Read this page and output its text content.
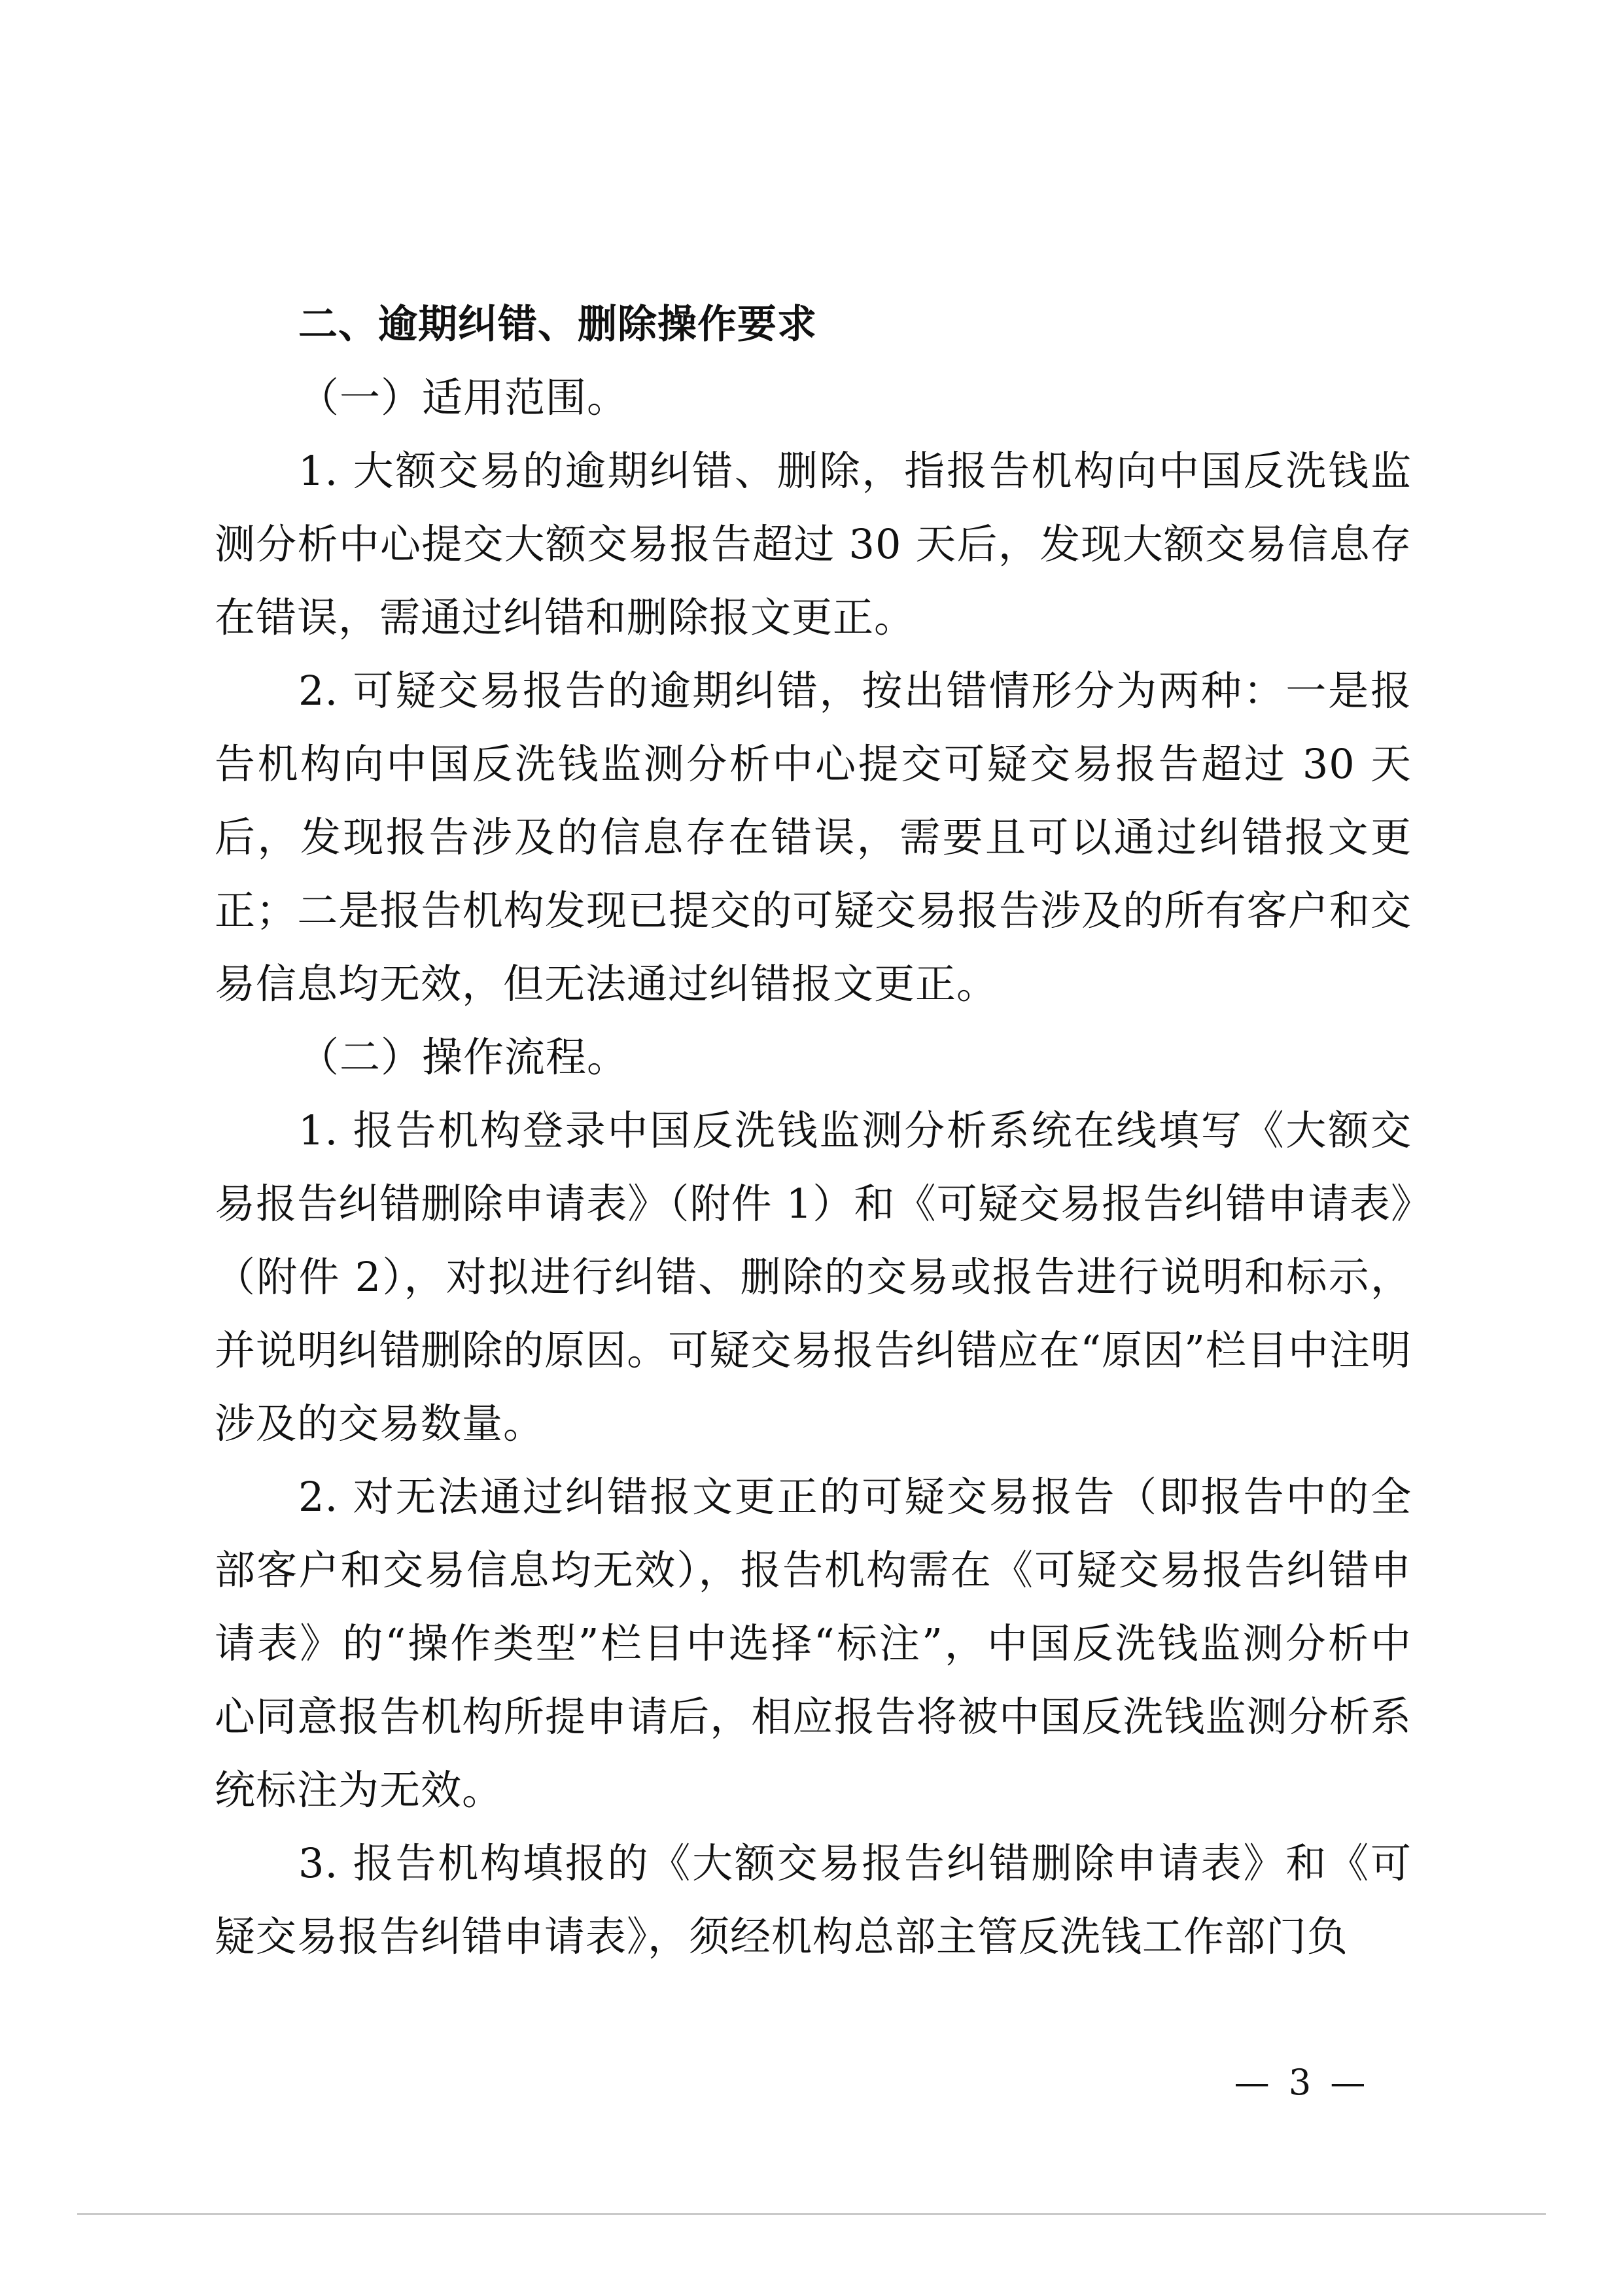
二、逾期纠错、删除操作要求

（一）适用范围。

1. 大额交易的逾期纠错、删除，指报告机构向中国反洗钱监测分析中心提交大额交易报告超过 30 天后，发现大额交易信息存在错误，需通过纠错和删除报文更正。

2. 可疑交易报告的逾期纠错，按出错情形分为两种：一是报告机构向中国反洗钱监测分析中心提交可疑交易报告超过 30 天后，发现报告涉及的信息存在错误，需要且可以通过纠错报文更正；二是报告机构发现已提交的可疑交易报告涉及的所有客户和交易信息均无效，但无法通过纠错报文更正。

（二）操作流程。

1. 报告机构登录中国反洗钱监测分析系统在线填写《大额交易报告纠错删除申请表》（附件 1）和《可疑交易报告纠错申请表》（附件 2），对拟进行纠错、删除的交易或报告进行说明和标示，并说明纠错删除的原因。可疑交易报告纠错应在“原因”栏目中注明涉及的交易数量。

2. 对无法通过纠错报文更正的可疑交易报告（即报告中的全部客户和交易信息均无效），报告机构需在《可疑交易报告纠错申请表》的“操作类型”栏目中选择“标注”，中国反洗钱监测分析中心同意报告机构所提申请后，相应报告将被中国反洗钱监测分析系统标注为无效。

3. 报告机构填报的《大额交易报告纠错删除申请表》和《可疑交易报告纠错申请表》，须经机构总部主管反洗钱工作部门负

— 3 —
